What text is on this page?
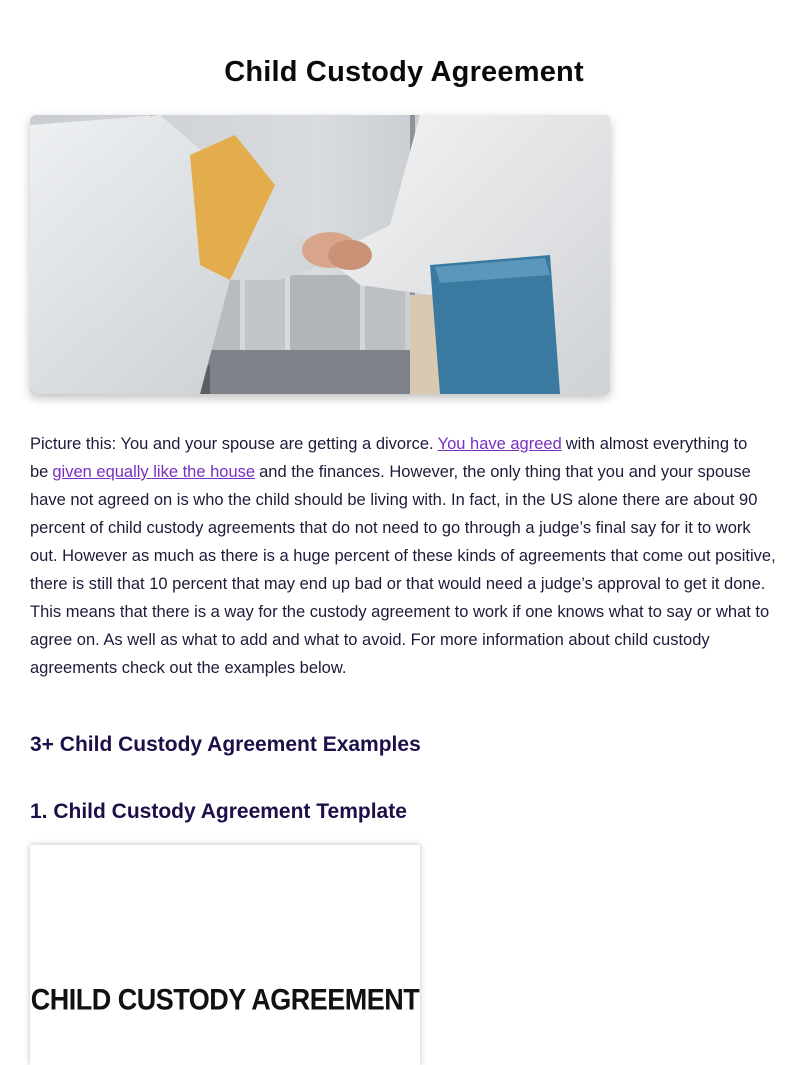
Child Custody Agreement

Picture this: You and your spouse are getting a divorce. You have agreed with almost everything to be given equally like the house and the finances. However, the only thing that you and your spouse have not agreed on is who the child should be living with. In fact, in the US alone there are about 90 percent of child custody agreements that do not need to go through a judge’s final say for it to work out. However as much as there is a huge percent of these kinds of agreements that come out positive, there is still that 10 percent that may end up bad or that would need a judge’s approval to get it done. This means that there is a way for the custody agreement to work if one knows what to say or what to agree on. As well as what to add and what to avoid. For more information about child custody agreements check out the examples below.

3+ Child Custody Agreement Examples
1. Child Custody Agreement Template
CHILD CUSTODY AGREEMENT
